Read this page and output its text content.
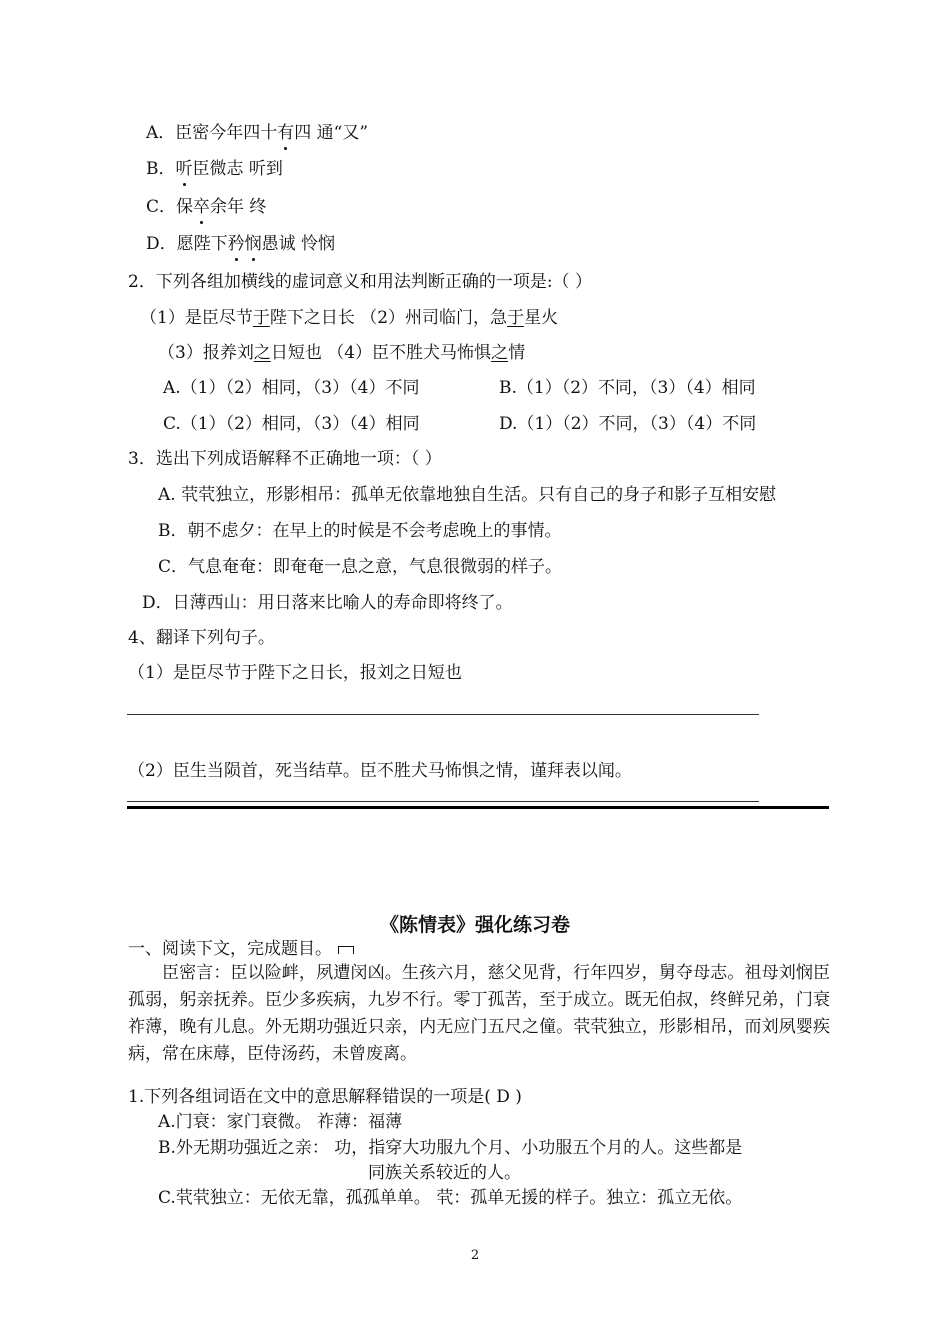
A．臣密今年四十有四 通“又”
B．听臣微志 听到
C．保卒余年 终
D．愿陛下矜悯愚诚 怜悯
2．下列各组加横线的虚词意义和用法判断正确的一项是:（ ）
（1）是臣尽节于陛下之日长 （2）州司临门，急于星火
（3）报养刘之日短也 （4）臣不胜犬马怖惧之情
A.（1）（2）相同，（3）（4）不同	B.（1）（2）不同，（3）（4）相同
C.（1）（2）相同，（3）（4）相同	D.（1）（2）不同，（3）（4）不同
3．选出下列成语解释不正确地一项：（ ）
A. 茕茕独立，形影相吊：孤单无依靠地独自生活。只有自己的身子和影子互相安慰
B．朝不虑夕：在早上的时候是不会考虑晚上的事情。
C．气息奄奄：即奄奄一息之意，气息很微弱的样子。
D．日薄西山：用日落来比喻人的寿命即将终了。
4、翻译下列句子。
（1）是臣尽节于陛下之日长，报刘之日短也
（2）臣生当陨首，死当结草。臣不胜犬马怖惧之情，谨拜表以闻。
《陈情表》强化练习卷
一、阅读下文，完成题目。
臣密言：臣以险衅，夙遭闵凶。生孩六月，慈父见背，行年四岁，舅夺母志。祖母刘悯臣孤弱，躬亲抚养。臣少多疾病，九岁不行。零丁孤苦，至于成立。既无伯叔，终鲜兄弟，门衰祚薄，晚有儿息。外无期功强近只亲，内无应门五尺之僮。茕茕独立，形影相吊，而刘夙婴疾病，常在床蓐，臣侍汤药，未曾废离。
1.下列各组词语在文中的意思解释错误的一项是( D )
A.门衰：家门衰微。 祚薄：福薄
B.外无期功强近之亲： 功，指穿大功服九个月、小功服五个月的人。这些都是
同族关系较近的人。
C.茕茕独立：无依无靠，孤孤单单。 茕：孤单无援的样子。独立：孤立无依。
2
